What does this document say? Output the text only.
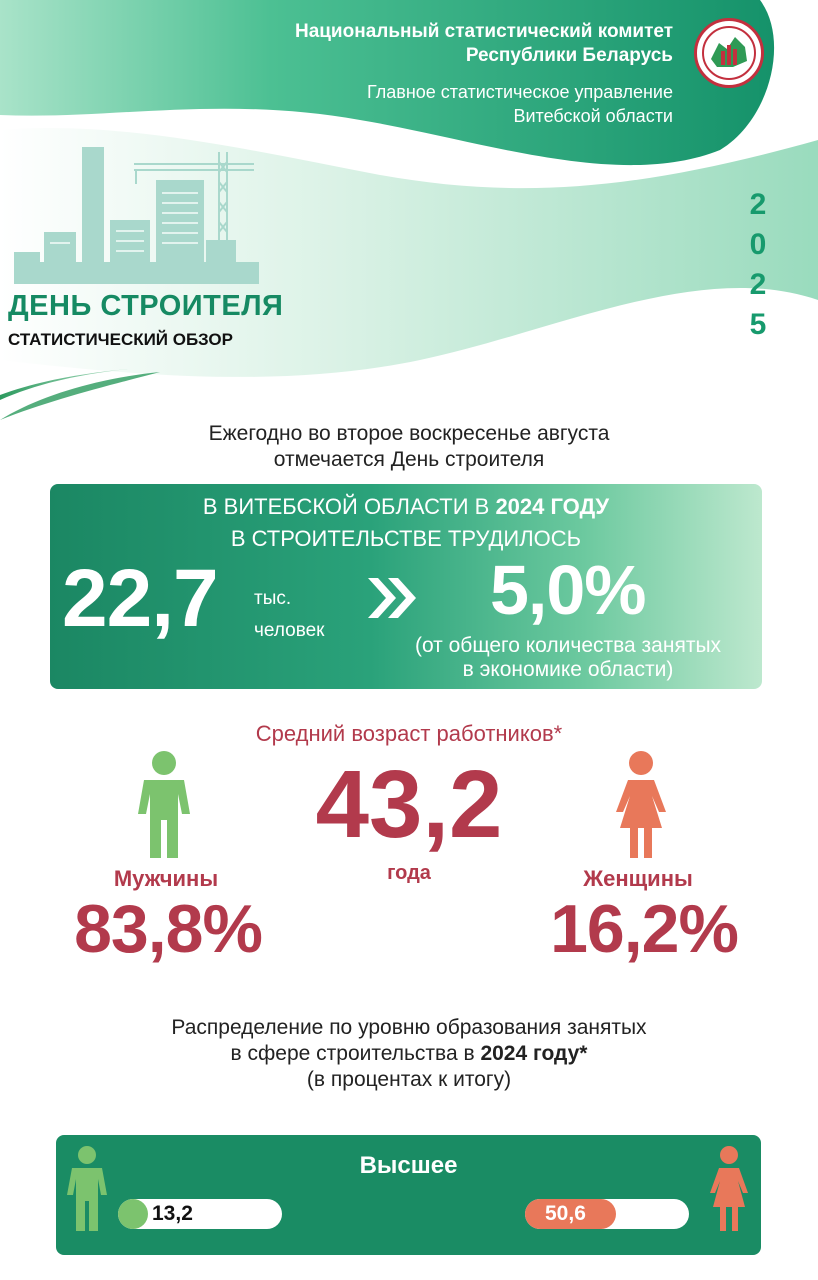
Национальный статистический комитет
Республики Беларусь
Главное статистическое управление
Витебской области
2
0
2
5
ДЕНЬ СТРОИТЕЛЯ
СТАТИСТИЧЕСКИЙ ОБЗОР
Ежегодно во второе воскресенье августа
отмечается День строителя
В ВИТЕБСКОЙ ОБЛАСТИ В 2024 ГОДУ
В СТРОИТЕЛЬСТВЕ ТРУДИЛОСЬ
22,7 тыс.
человек
5,0%
(от общего количества занятых
в экономике области)
Средний возраст работников*
43,2
года
Мужчины
83,8%
Женщины
16,2%
Распределение по уровню образования занятых
в сфере строительства в 2024 году*
(в процентах к итогу)
Высшее
13,2	50,6
